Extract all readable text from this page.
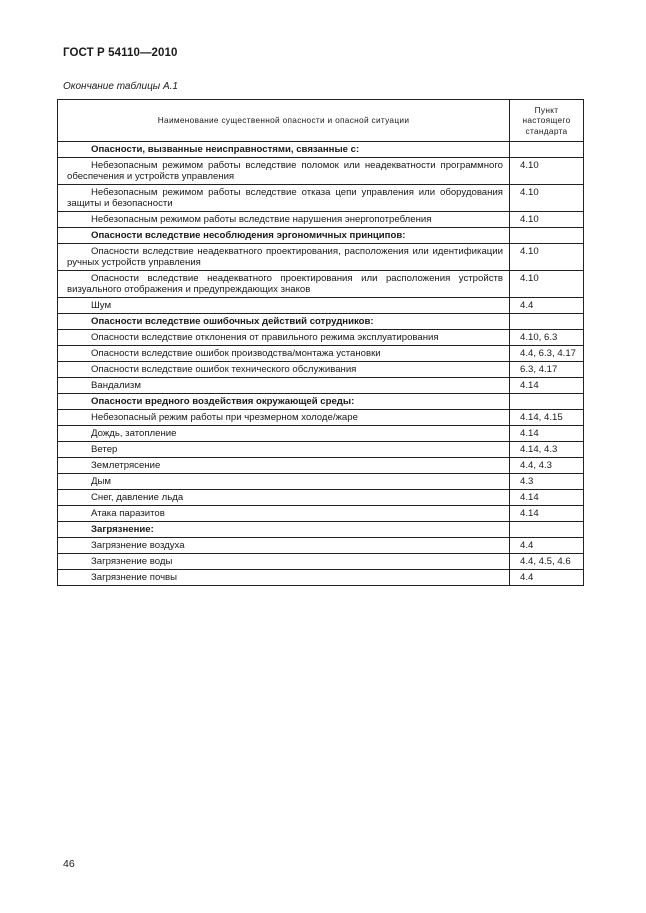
ГОСТ Р 54110—2010
Окончание таблицы А.1
Наименование существенной опасности и опасной ситуации	Пункт
настоящего
стандарта

Опасности, вызванные неисправностями, связанные с:	
Небезопасным режимом работы вследствие поломок или неадекватности программного обеспечения и устройств управления	4.10
Небезопасным режимом работы вследствие отказа цепи управления или оборудования защиты и безопасности	4.10
Небезопасным режимом работы вследствие нарушения энергопотребления	4.10
Опасности вследствие несоблюдения эргономичных принципов:	
Опасности вследствие неадекватного проектирования, расположения или идентификации ручных устройств управления	4.10
Опасности вследствие неадекватного проектирования или расположения устройств визуального отображения и предупреждающих знаков	4.10
Шум	4.4
Опасности вследствие ошибочных действий сотрудников:	
Опасности вследствие отклонения от правильного режима эксплуатирования	4.10, 6.3
Опасности вследствие ошибок производства/монтажа установки	4.4, 6.3, 4.17
Опасности вследствие ошибок технического обслуживания	6.3, 4.17
Вандализм	4.14
Опасности вредного воздействия окружающей среды:	
Небезопасный режим работы при чрезмерном холоде/жаре	4.14, 4.15
Дождь, затопление	4.14
Ветер	4.14, 4.3
Землетрясение	4.4, 4.3
Дым	4.3
Снег, давление льда	4.14
Атака паразитов	4.14
Загрязнение:	
Загрязнение воздуха	4.4
Загрязнение воды	4.4, 4.5, 4.6
Загрязнение почвы	4.4
46
